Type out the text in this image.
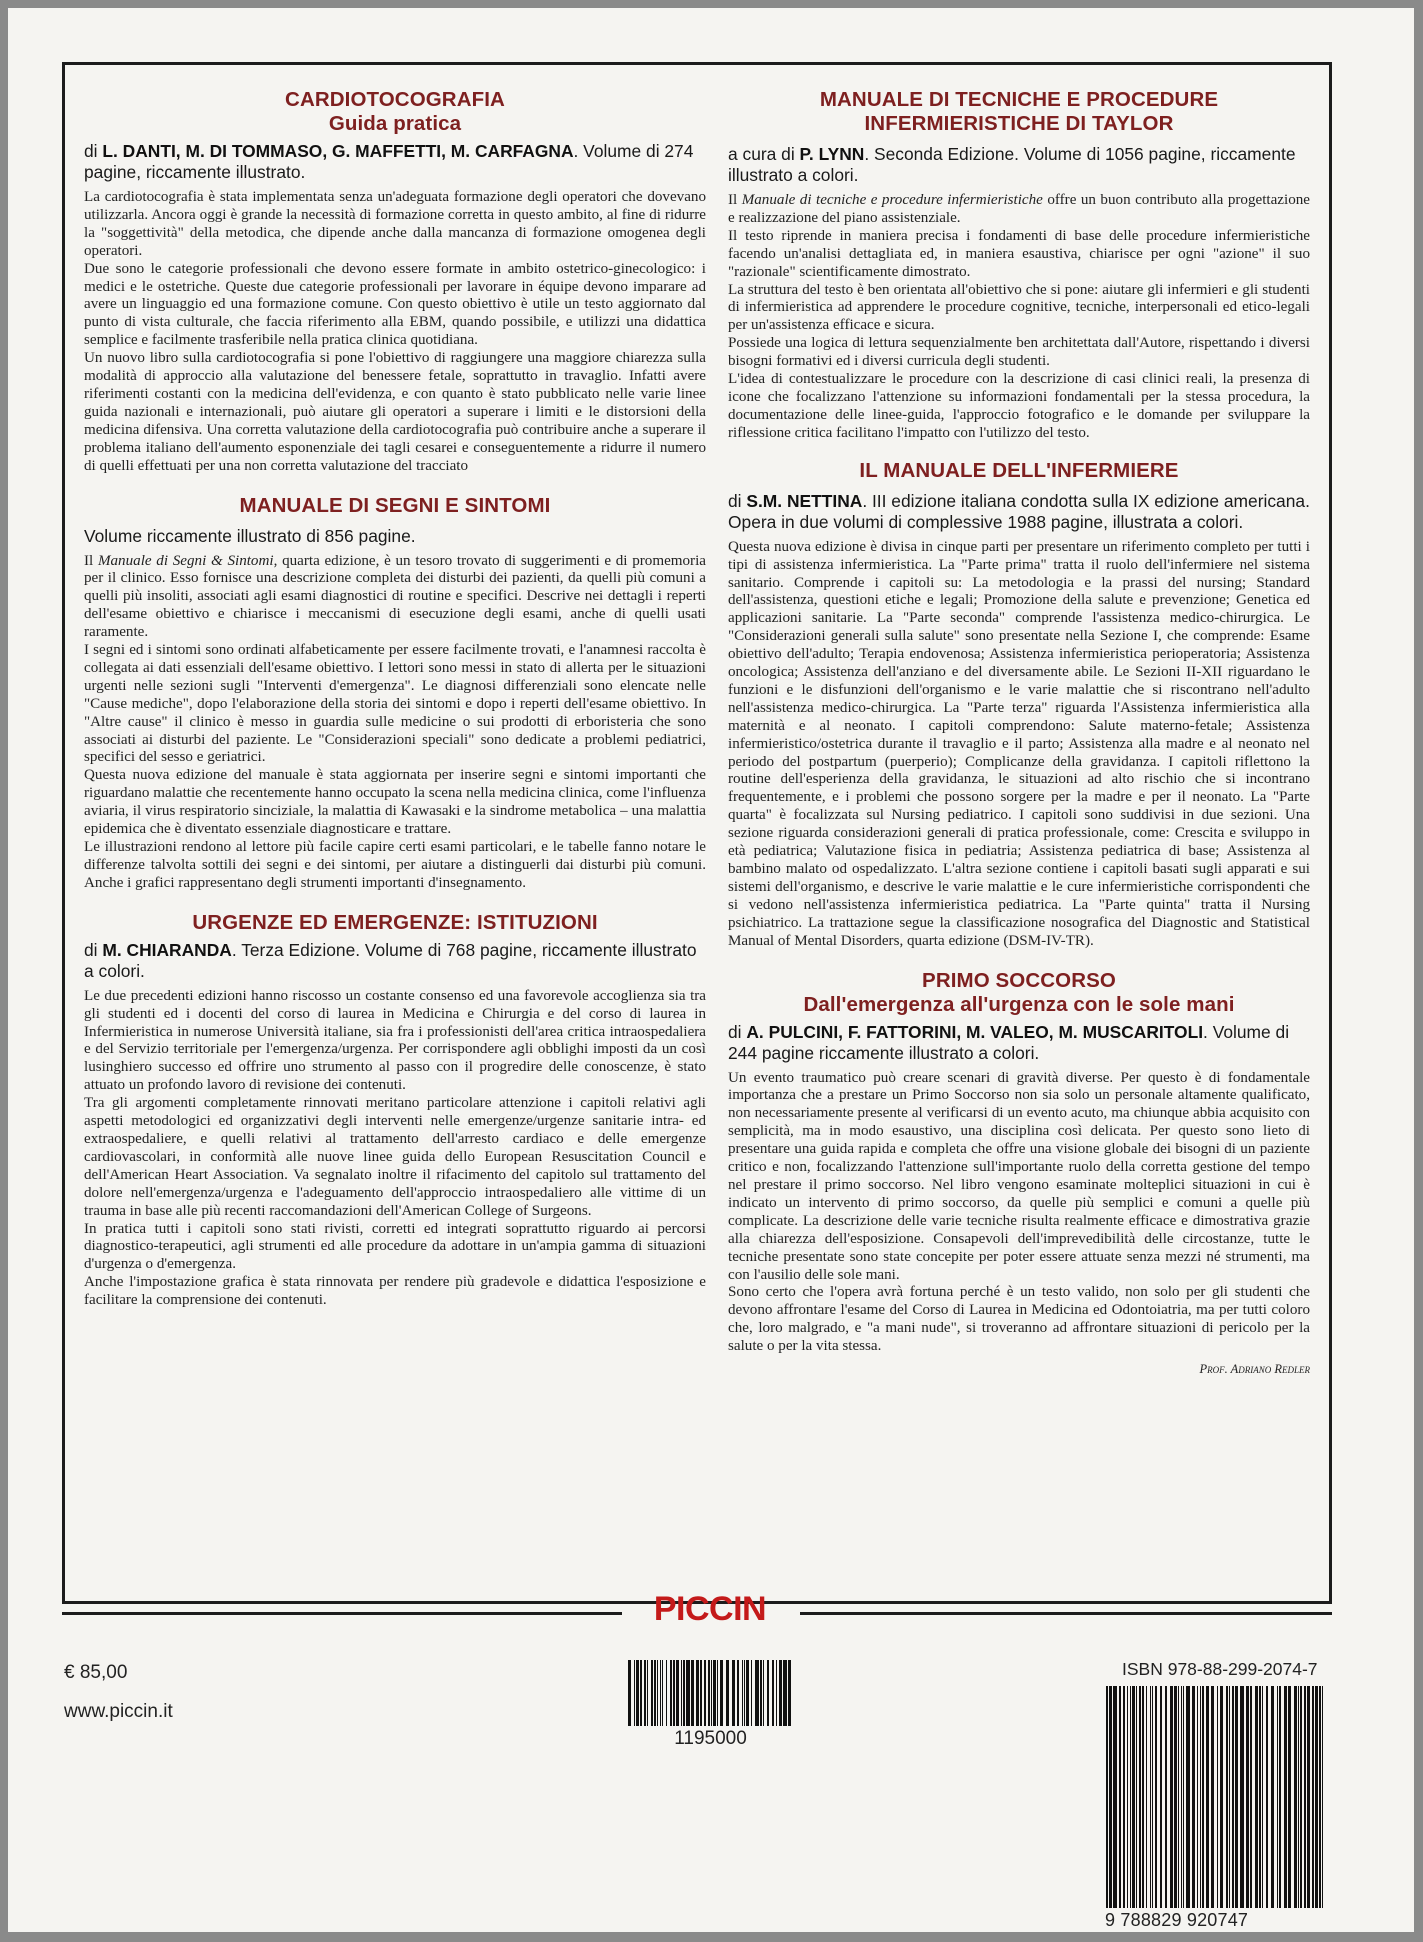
CARDIOTOCOGRAFIA
Guida pratica
di L. DANTI, M. DI TOMMASO, G. MAFFETTI, M. CARFAGNA. Volume di 274 pagine, riccamente illustrato.

La cardiotocografia è stata implementata senza un'adeguata formazione degli operatori che dovevano utilizzarla. Ancora oggi è grande la necessità di formazione corretta in questo ambito, al fine di ridurre la "soggettività" della metodica, che dipende anche dalla mancanza di formazione omogenea degli operatori.

Due sono le categorie professionali che devono essere formate in ambito ostetrico-ginecologico: i medici e le ostetriche. Queste due categorie professionali per lavorare in équipe devono imparare ad avere un linguaggio ed una formazione comune. Con questo obiettivo è utile un testo aggiornato dal punto di vista culturale, che faccia riferimento alla EBM, quando possibile, e utilizzi una didattica semplice e facilmente trasferibile nella pratica clinica quotidiana.

Un nuovo libro sulla cardiotocografia si pone l'obiettivo di raggiungere una maggiore chiarezza sulla modalità di approccio alla valutazione del benessere fetale, soprattutto in travaglio. Infatti avere riferimenti costanti con la medicina dell'evidenza, e con quanto è stato pubblicato nelle varie linee guida nazionali e internazionali, può aiutare gli operatori a superare i limiti e le distorsioni della medicina difensiva. Una corretta valutazione della cardiotocografia può contribuire anche a superare il problema italiano dell'aumento esponenziale dei tagli cesarei e conseguentemente a ridurre il numero di quelli effettuati per una non corretta valutazione del tracciato

MANUALE DI SEGNI E SINTOMI
Volume riccamente illustrato di 856 pagine.

Il Manuale di Segni & Sintomi, quarta edizione, è un tesoro trovato di suggerimenti e di promemoria per il clinico. Esso fornisce una descrizione completa dei disturbi dei pazienti, da quelli più comuni a quelli più insoliti, associati agli esami diagnostici di routine e specifici. Descrive nei dettagli i reperti dell'esame obiettivo e chiarisce i meccanismi di esecuzione degli esami, anche di quelli usati raramente.

I segni ed i sintomi sono ordinati alfabeticamente per essere facilmente trovati, e l'anamnesi raccolta è collegata ai dati essenziali dell'esame obiettivo. I lettori sono messi in stato di allerta per le situazioni urgenti nelle sezioni sugli "Interventi d'emergenza". Le diagnosi differenziali sono elencate nelle "Cause mediche", dopo l'elaborazione della storia dei sintomi e dopo i reperti dell'esame obiettivo. In "Altre cause" il clinico è messo in guardia sulle medicine o sui prodotti di erboristeria che sono associati ai disturbi del paziente. Le "Considerazioni speciali" sono dedicate a problemi pediatrici, specifici del sesso e geriatrici.

Questa nuova edizione del manuale è stata aggiornata per inserire segni e sintomi importanti che riguardano malattie che recentemente hanno occupato la scena nella medicina clinica, come l'influenza aviaria, il virus respiratorio sinciziale, la malattia di Kawasaki e la sindrome metabolica – una malattia epidemica che è diventato essenziale diagnosticare e trattare.

Le illustrazioni rendono al lettore più facile capire certi esami particolari, e le tabelle fanno notare le differenze talvolta sottili dei segni e dei sintomi, per aiutare a distinguerli dai disturbi più comuni. Anche i grafici rappresentano degli strumenti importanti d'insegnamento.

URGENZE ED EMERGENZE: ISTITUZIONI
di M. CHIARANDA. Terza Edizione. Volume di 768 pagine, riccamente illustrato a colori.

Le due precedenti edizioni hanno riscosso un costante consenso ed una favorevole accoglienza sia tra gli studenti ed i docenti del corso di laurea in Medicina e Chirurgia e del corso di laurea in Infermieristica in numerose Università italiane, sia fra i professionisti dell'area critica intraospedaliera e del Servizio territoriale per l'emergenza/urgenza. Per corrispondere agli obblighi imposti da un così lusinghiero successo ed offrire uno strumento al passo con il progredire delle conoscenze, è stato attuato un profondo lavoro di revisione dei contenuti.

Tra gli argomenti completamente rinnovati meritano particolare attenzione i capitoli relativi agli aspetti metodologici ed organizzativi degli interventi nelle emergenze/urgenze sanitarie intra- ed extraospedaliere, e quelli relativi al trattamento dell'arresto cardiaco e delle emergenze cardiovascolari, in conformità alle nuove linee guida dello European Resuscitation Council e dell'American Heart Association. Va segnalato inoltre il rifacimento del capitolo sul trattamento del dolore nell'emergenza/urgenza e l'adeguamento dell'approccio intraospedaliero alle vittime di un trauma in base alle più recenti raccomandazioni dell'American College of Surgeons.

In pratica tutti i capitoli sono stati rivisti, corretti ed integrati soprattutto riguardo ai percorsi diagnostico-terapeutici, agli strumenti ed alle procedure da adottare in un'ampia gamma di situazioni d'urgenza o d'emergenza.

Anche l'impostazione grafica è stata rinnovata per rendere più gradevole e didattica l'esposizione e facilitare la comprensione dei contenuti.

MANUALE DI TECNICHE E PROCEDURE
INFERMIERISTICHE DI TAYLOR
a cura di P. LYNN. Seconda Edizione. Volume di 1056 pagine, riccamente illustrato a colori.

Il Manuale di tecniche e procedure infermieristiche offre un buon contributo alla progettazione e realizzazione del piano assistenziale.

Il testo riprende in maniera precisa i fondamenti di base delle procedure infermieristiche facendo un'analisi dettagliata ed, in maniera esaustiva, chiarisce per ogni "azione" il suo "razionale" scientificamente dimostrato.

La struttura del testo è ben orientata all'obiettivo che si pone: aiutare gli infermieri e gli studenti di infermieristica ad apprendere le procedure cognitive, tecniche, interpersonali ed etico-legali per un'assistenza efficace e sicura.

Possiede una logica di lettura sequenzialmente ben architettata dall'Autore, rispettando i diversi bisogni formativi ed i diversi curricula degli studenti.

L'idea di contestualizzare le procedure con la descrizione di casi clinici reali, la presenza di icone che focalizzano l'attenzione su informazioni fondamentali per la stessa procedura, la documentazione delle linee-guida, l'approccio fotografico e le domande per sviluppare la riflessione critica facilitano l'impatto con l'utilizzo del testo.

IL MANUALE DELL'INFERMIERE
di S.M. NETTINA. III edizione italiana condotta sulla IX edizione americana. Opera in due volumi di complessive 1988 pagine, illustrata a colori.

Questa nuova edizione è divisa in cinque parti per presentare un riferimento completo per tutti i tipi di assistenza infermieristica. La "Parte prima" tratta il ruolo dell'infermiere nel sistema sanitario. Comprende i capitoli su: La metodologia e la prassi del nursing; Standard dell'assistenza, questioni etiche e legali; Promozione della salute e prevenzione; Genetica ed applicazioni sanitarie. La "Parte seconda" comprende l'assistenza medico-chirurgica. Le "Considerazioni generali sulla salute" sono presentate nella Sezione I, che comprende: Esame obiettivo dell'adulto; Terapia endovenosa; Assistenza infermieristica perioperatoria; Assistenza oncologica; Assistenza dell'anziano e del diversamente abile. Le Sezioni II-XII riguardano le funzioni e le disfunzioni dell'organismo e le varie malattie che si riscontrano nell'adulto nell'assistenza medico-chirurgica. La "Parte terza" riguarda l'Assistenza infermieristica alla maternità e al neonato. I capitoli comprendono: Salute materno-fetale; Assistenza infermieristico/ostetrica durante il travaglio e il parto; Assistenza alla madre e al neonato nel periodo del postpartum (puerperio); Complicanze della gravidanza. I capitoli riflettono la routine dell'esperienza della gravidanza, le situazioni ad alto rischio che si incontrano frequentemente, e i problemi che possono sorgere per la madre e per il neonato. La "Parte quarta" è focalizzata sul Nursing pediatrico. I capitoli sono suddivisi in due sezioni. Una sezione riguarda considerazioni generali di pratica professionale, come: Crescita e sviluppo in età pediatrica; Valutazione fisica in pediatria; Assistenza pediatrica di base; Assistenza al bambino malato od ospedalizzato. L'altra sezione contiene i capitoli basati sugli apparati e sui sistemi dell'organismo, e descrive le varie malattie e le cure infermieristiche corrispondenti che si vedono nell'assistenza infermieristica pediatrica. La "Parte quinta" tratta il Nursing psichiatrico. La trattazione segue la classificazione nosografica del Diagnostic and Statistical Manual of Mental Disorders, quarta edizione (DSM-IV-TR).

PRIMO SOCCORSO
Dall'emergenza all'urgenza con le sole mani
di A. PULCINI, F. FATTORINI, M. VALEO, M. MUSCARITOLI. Volume di 244 pagine riccamente illustrato a colori.

Un evento traumatico può creare scenari di gravità diverse. Per questo è di fondamentale importanza che a prestare un Primo Soccorso non sia solo un personale altamente qualificato, non necessariamente presente al verificarsi di un evento acuto, ma chiunque abbia acquisito con semplicità, ma in modo esaustivo, una disciplina così delicata. Per questo sono lieto di presentare una guida rapida e completa che offre una visione globale dei bisogni di un paziente critico e non, focalizzando l'attenzione sull'importante ruolo della corretta gestione del tempo nel prestare il primo soccorso. Nel libro vengono esaminate molteplici situazioni in cui è indicato un intervento di primo soccorso, da quelle più semplici e comuni a quelle più complicate. La descrizione delle varie tecniche risulta realmente efficace e dimostrativa grazie alla chiarezza dell'esposizione. Consapevoli dell'imprevedibilità delle circostanze, tutte le tecniche presentate sono state concepite per poter essere attuate senza mezzi né strumenti, ma con l'ausilio delle sole mani.

Sono certo che l'opera avrà fortuna perché è un testo valido, non solo per gli studenti che devono affrontare l'esame del Corso di Laurea in Medicina ed Odontoiatria, ma per tutti coloro che, loro malgrado, e "a mani nude", si troveranno ad affrontare situazioni di pericolo per la salute o per la vita stessa.

Prof. Adriano Redler
PICCIN
€ 85,00
www.piccin.it
1195000
ISBN 978-88-299-2074-7
9 788829 920747
